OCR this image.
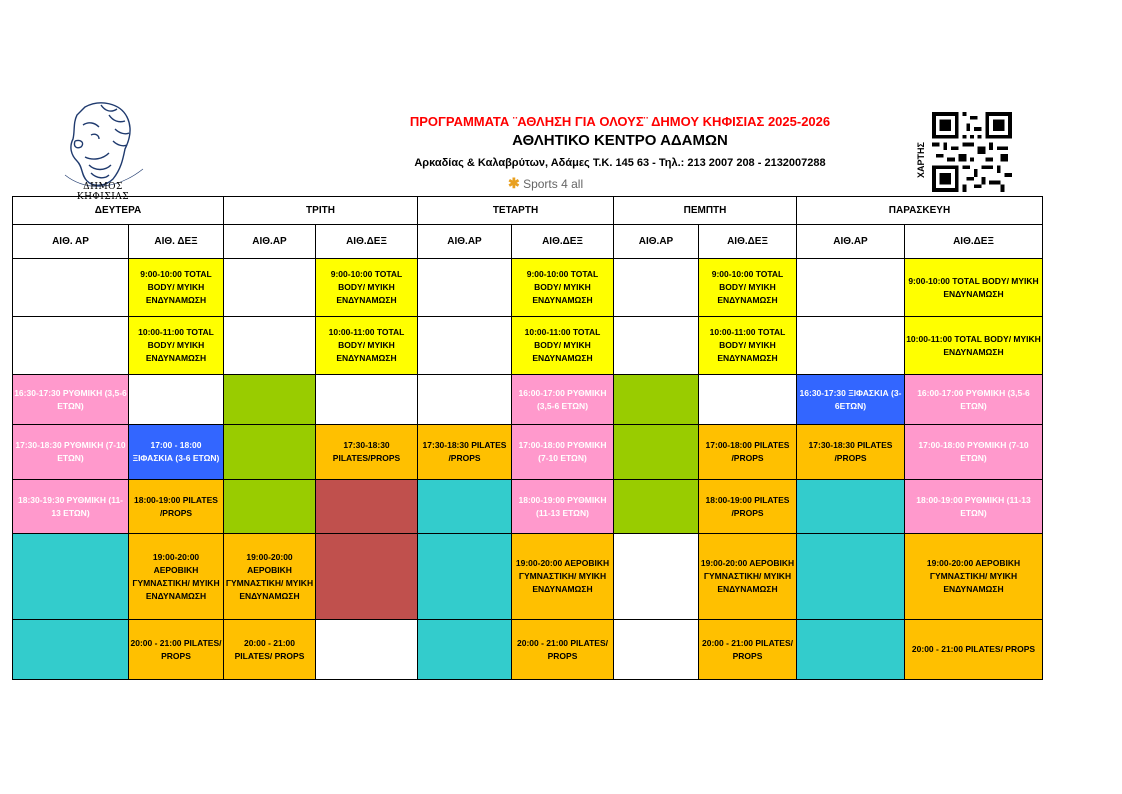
ΔΗΜΟΣ ΚΗΦΙΣΙΑΣ
ΠΡΟΓΡΑΜΜΑΤΑ ¨ΑΘΛΗΣΗ ΓΙΑ ΟΛΟΥΣ¨ ΔΗΜΟΥ ΚΗΦΙΣΙΑΣ 2025-2026
ΑΘΛΗΤΙΚΟ ΚΕΝΤΡΟ ΑΔΑΜΩΝ
Αρκαδίας & Καλαβρύτων, Αδάμες Τ.Κ. 145 63 - Τηλ.: 213 2007 208 - 2132007288
✱ Sports 4 all
ΧΑΡΤΗΣ
ΔΕΥΤΕΡΑ		ΤΡΙΤΗ		ΤΕΤΑΡΤΗ		ΠΕΜΠΤΗ		ΠΑΡΑΣΚΕΥΗ	
ΑΙΘ. ΑΡ	ΑΙΘ. ΔΕΞ	ΑΙΘ.ΑΡ	ΑΙΘ.ΔΕΞ	ΑΙΘ.ΑΡ	ΑΙΘ.ΔΕΞ	ΑΙΘ.ΑΡ	ΑΙΘ.ΔΕΞ	ΑΙΘ.ΑΡ	ΑΙΘ.ΔΕΞ
	9:00-10:00 TOTAL BODY/ ΜΥΙΚΗ ΕΝΔΥΝΑΜΩΣΗ		9:00-10:00 TOTAL BODY/ ΜΥΙΚΗ ΕΝΔΥΝΑΜΩΣΗ		9:00-10:00 TOTAL BODY/ ΜΥΙΚΗ ΕΝΔΥΝΑΜΩΣΗ		9:00-10:00 TOTAL BODY/ ΜΥΙΚΗ ΕΝΔΥΝΑΜΩΣΗ		9:00-10:00 TOTAL BODY/ ΜΥΙΚΗ ΕΝΔΥΝΑΜΩΣΗ
	10:00-11:00 TOTAL BODY/ ΜΥΙΚΗ ΕΝΔΥΝΑΜΩΣΗ		10:00-11:00 TOTAL BODY/ ΜΥΙΚΗ ΕΝΔΥΝΑΜΩΣΗ		10:00-11:00 TOTAL BODY/ ΜΥΙΚΗ ΕΝΔΥΝΑΜΩΣΗ		10:00-11:00 TOTAL BODY/ ΜΥΙΚΗ ΕΝΔΥΝΑΜΩΣΗ		10:00-11:00 TOTAL BODY/ ΜΥΙΚΗ ΕΝΔΥΝΑΜΩΣΗ
16:30-17:30 ΡΥΘΜΙΚΗ (3,5-6 ΕΤΩΝ)					16:00-17:00 ΡΥΘΜΙΚΗ (3,5-6 ΕΤΩΝ)			16:30-17:30 ΞΙΦΑΣΚΙΑ (3-6ΕΤΩΝ)	16:00-17:00 ΡΥΘΜΙΚΗ (3,5-6 ΕΤΩΝ)
17:30-18:30 ΡΥΘΜΙΚΗ (7-10 ΕΤΩΝ)	17:00 - 18:00 ΞΙΦΑΣΚΙΑ (3-6 ΕΤΩΝ)		17:30-18:30 PILATES/PROPS	17:30-18:30 PILATES /PROPS	17:00-18:00 ΡΥΘΜΙΚΗ (7-10 ΕΤΩΝ)		17:00-18:00 PILATES /PROPS	17:30-18:30 PILATES /PROPS	17:00-18:00 ΡΥΘΜΙΚΗ (7-10 ΕΤΩΝ)
18:30-19:30 ΡΥΘΜΙΚΗ (11-13 ΕΤΩΝ)	18:00-19:00 PILATES /PROPS				18:00-19:00 ΡΥΘΜΙΚΗ (11-13 ΕΤΩΝ)		18:00-19:00 PILATES /PROPS		18:00-19:00 ΡΥΘΜΙΚΗ (11-13 ΕΤΩΝ)
	19:00-20:00 ΑΕΡΟΒΙΚΗ ΓΥΜΝΑΣΤΙΚΗ/ ΜΥΙΚΗ ΕΝΔΥΝΑΜΩΣΗ	19:00-20:00 ΑΕΡΟΒΙΚΗ ΓΥΜΝΑΣΤΙΚΗ/ ΜΥΙΚΗ ΕΝΔΥΝΑΜΩΣΗ			19:00-20:00 ΑΕΡΟΒΙΚΗ ΓΥΜΝΑΣΤΙΚΗ/ ΜΥΙΚΗ ΕΝΔΥΝΑΜΩΣΗ		19:00-20:00 ΑΕΡΟΒΙΚΗ ΓΥΜΝΑΣΤΙΚΗ/ ΜΥΙΚΗ ΕΝΔΥΝΑΜΩΣΗ		19:00-20:00 ΑΕΡΟΒΙΚΗ ΓΥΜΝΑΣΤΙΚΗ/ ΜΥΙΚΗ ΕΝΔΥΝΑΜΩΣΗ
	20:00 - 21:00 PILATES/ PROPS	20:00 - 21:00 PILATES/ PROPS			20:00 - 21:00 PILATES/ PROPS		20:00 - 21:00 PILATES/ PROPS		20:00 - 21:00 PILATES/ PROPS
